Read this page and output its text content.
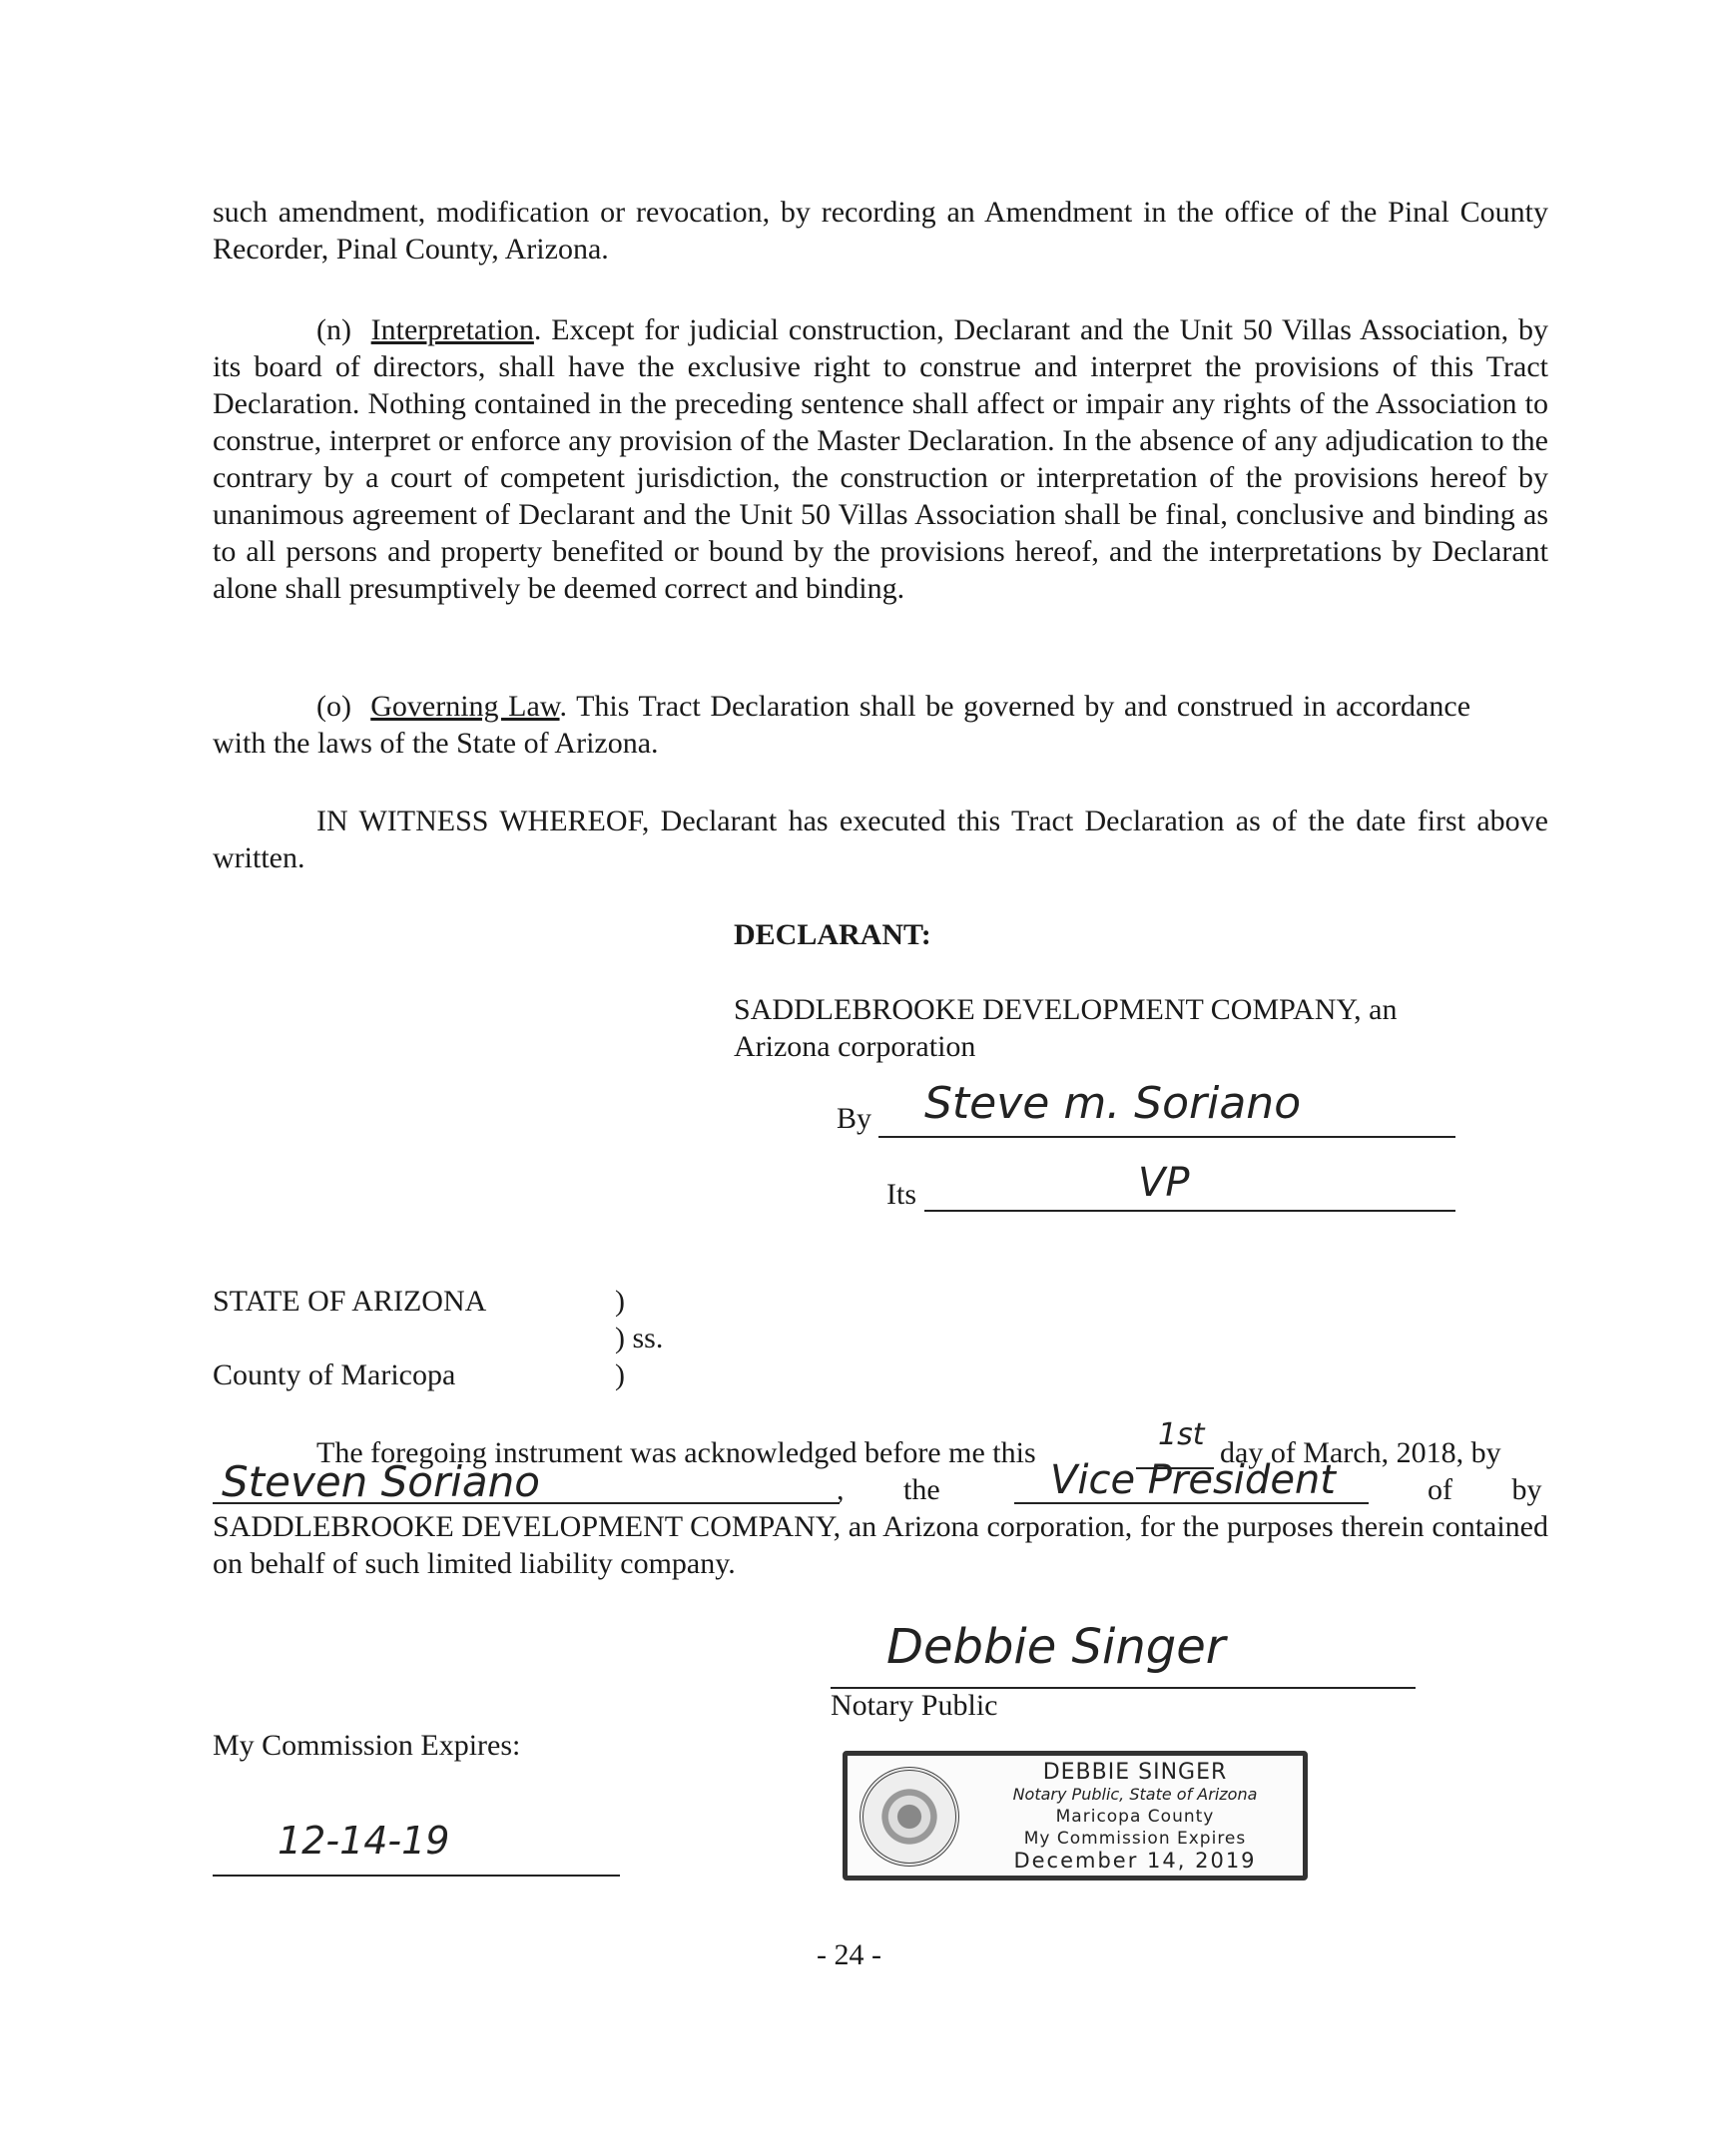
such amendment, modification or revocation, by recording an Amendment in the office of the Pinal County Recorder, Pinal County, Arizona.

(n) Interpretation. Except for judicial construction, Declarant and the Unit 50 Villas Association, by its board of directors, shall have the exclusive right to construe and interpret the provisions of this Tract Declaration. Nothing contained in the preceding sentence shall affect or impair any rights of the Association to construe, interpret or enforce any provision of the Master Declaration. In the absence of any adjudication to the contrary by a court of competent jurisdiction, the construction or interpretation of the provisions hereof by unanimous agreement of Declarant and the Unit 50 Villas Association shall be final, conclusive and binding as to all persons and property benefited or bound by the provisions hereof, and the interpretations by Declarant alone shall presumptively be deemed correct and binding.

(o) Governing Law. This Tract Declaration shall be governed by and construed in accordance with the laws of the State of Arizona.

IN WITNESS WHEREOF, Declarant has executed this Tract Declaration as of the date first above written.

DECLARANT:
SADDLEBROOKE DEVELOPMENT COMPANY, an
Arizona corporation
By Steve m. Soriano
Its	VP
STATE OF ARIZONA	)
) ss.
County of Maricopa	)
The foregoing instrument was acknowledged before me this
1st
day of March, 2018, by
Steven Soriano	, the	Vice President	of by

SADDLEBROOKE DEVELOPMENT COMPANY, an Arizona corporation, for the purposes therein contained on behalf of such limited liability company.

Debbie Singer
Notary Public
My Commission Expires:
12-14-19
DEBBIE SINGER
Notary Public, State of Arizona
Maricopa County
My Commission Expires
December 14, 2019
- 24 -
